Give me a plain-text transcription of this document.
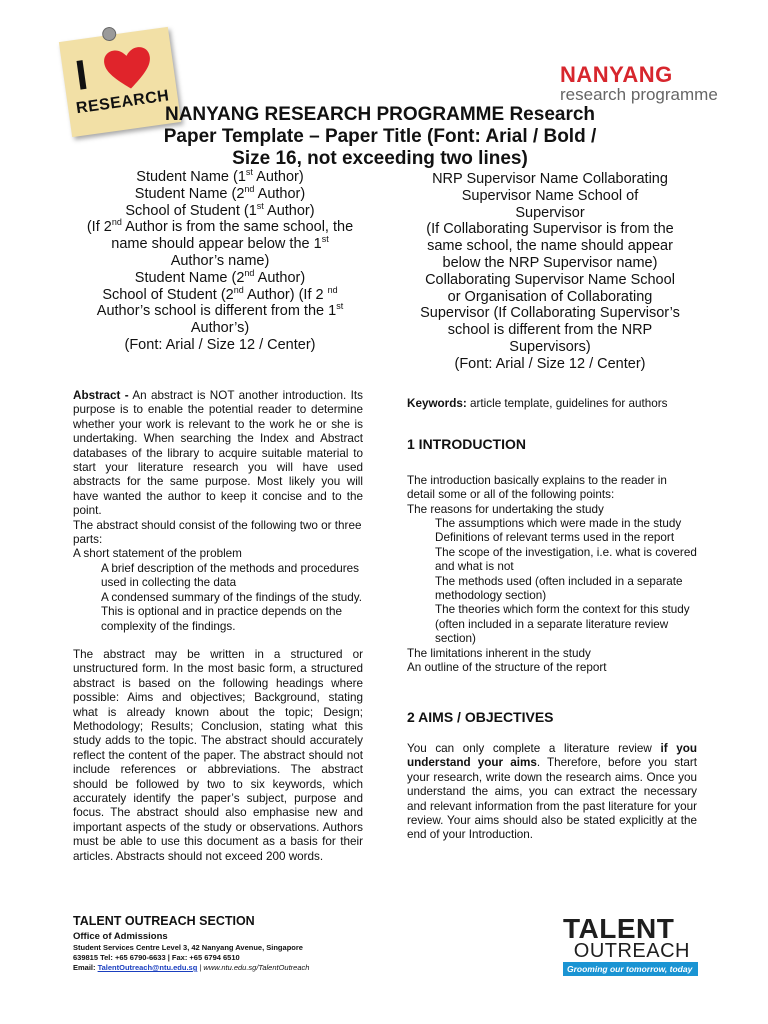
I
RESEARCH
NANYANG
research programme
NANYANG RESEARCH PROGRAMME Research
Paper Template – Paper Title (Font: Arial / Bold /
Size 16, not exceeding two lines)
Student Name (1st Author)
Student Name (2nd Author)
School of Student (1st Author)
(If 2nd Author is from the same school, the
name should appear below the 1st
Author’s name)
Student Name (2nd Author)
School of Student (2nd Author) (If 2 $^{nd}$
Author’s school is different from the 1st
Author’s)
(Font: Arial / Size 12 / Center)
NRP Supervisor Name Collaborating
Supervisor Name School of
Supervisor
(If Collaborating Supervisor is from the
same school, the name should appear
below the NRP Supervisor name)
Collaborating Supervisor Name School
or Organisation of Collaborating
Supervisor (If Collaborating Supervisor’s
school is different from the NRP
Supervisors)
(Font: Arial / Size 12 / Center)
Abstract - An abstract is NOT another introduction. Its purpose is to enable the potential reader to determine whether your work is relevant to the work he or she is undertaking. When searching the Index and Abstract databases of the library to acquire suitable material to start your literature research you will have used abstracts for the same purpose. Most likely you will have wanted the author to keep it concise and to the point.
The abstract should consist of the following two or three parts:
A short statement of the problem
A brief description of the methods and procedures used in collecting the data
A condensed summary of the findings of the study. This is optional and in practice depends on the complexity of the findings.
The abstract may be written in a structured or unstructured form. In the most basic form, a structured abstract is based on the following headings where possible: Aims and objectives; Background, stating what is already known about the topic; Design; Methodology; Results; Conclusion, stating what this study adds to the topic. The abstract should accurately reflect the content of the paper. The abstract should not include references or abbreviations. The abstract should be followed by two to six keywords, which accurately identify the paper’s subject, purpose and focus. The abstract should also emphasise new and important aspects of the study or observations. Authors must be able to use this document as a basis for their articles. Abstracts should not exceed 200 words.
Keywords: article template, guidelines for authors
1 INTRODUCTION
The introduction basically explains to the reader in detail some or all of the following points:
The reasons for undertaking the study
The assumptions which were made in the study
Definitions of relevant terms used in the report
The scope of the investigation, i.e. what is covered and what is not
The methods used (often included in a separate methodology section)
The theories which form the context for this study (often included in a separate literature review section)
The limitations inherent in the study
An outline of the structure of the report
2 AIMS / OBJECTIVES
You can only complete a literature review if you understand your aims. Therefore, before you start your research, write down the research aims. Once you understand the aims, you can extract the necessary and relevant information from the past literature for your review. Your aims should also be stated explicitly at the end of your Introduction.
TALENT OUTREACH SECTION
Office of Admissions
Student Services Centre Level 3, 42 Nanyang Avenue, Singapore
639815 Tel: +65 6790-6633 | Fax: +65 6794 6510
Email: TalentOutreach@ntu.edu.sg | www.ntu.edu.sg/TalentOutreach
TALENT
OUTREACH
Grooming our tomorrow, today
